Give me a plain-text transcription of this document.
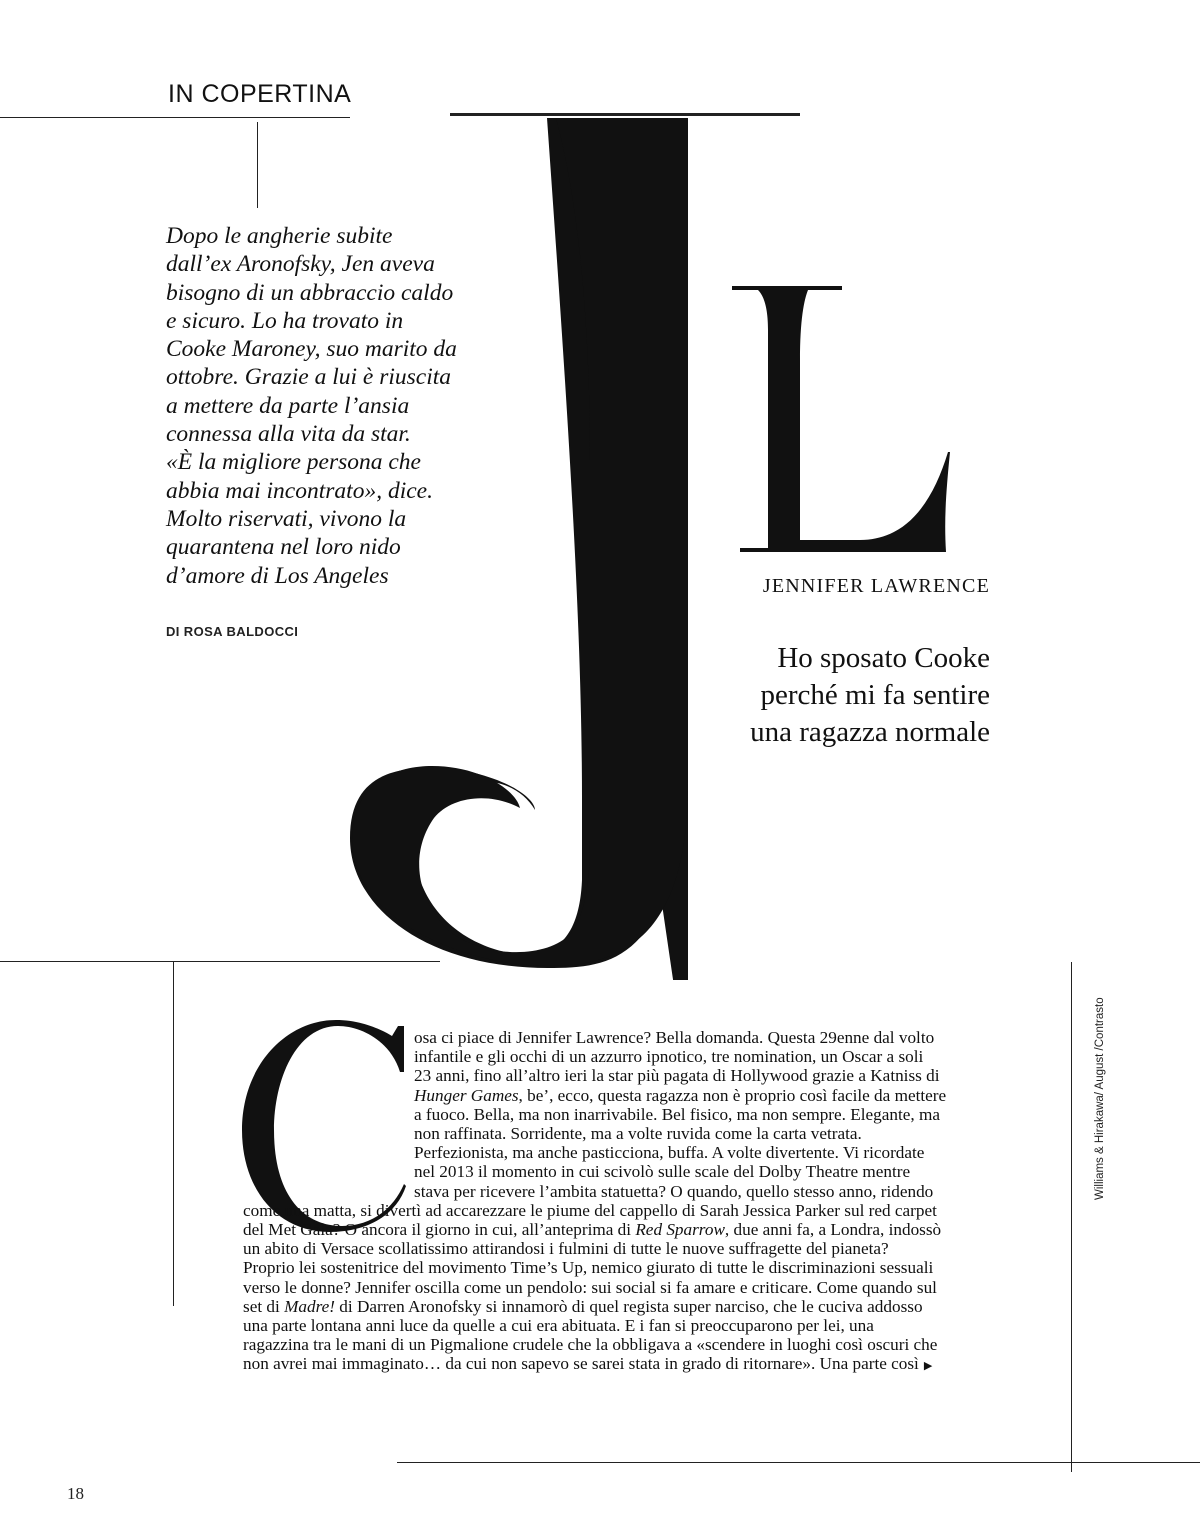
IN COPERTINA
Dopo le angherie subite
dall’ex Aronofsky, Jen aveva
bisogno di un abbraccio caldo
e sicuro. Lo ha trovato in
Cooke Maroney, suo marito da
ottobre. Grazie a lui è riuscita
a mettere da parte l’ansia
connessa alla vita da star.
«È la migliore persona che
abbia mai incontrato», dice.
Molto riservati, vivono la
quarantena nel loro nido
d’amore di Los Angeles
DI ROSA BALDOCCI
JENNIFER LAWRENCE
Ho sposato Cooke
perché mi fa sentire
una ragazza normale
osa ci piace di Jennifer Lawrence? Bella domanda. Questa 29enne dal volto
infantile e gli occhi di un azzurro ipnotico, tre nomination, un Oscar a soli
23 anni, fino all’altro ieri la star più pagata di Hollywood grazie a Katniss di
Hunger Games, be’, ecco, questa ragazza non è proprio così facile da mettere
a fuoco. Bella, ma non inarrivabile. Bel fisico, ma non sempre. Elegante, ma
non raffinata. Sorridente, ma a volte ruvida come la carta vetrata.
Perfezionista, ma anche pasticciona, buffa. A volte divertente. Vi ricordate
nel 2013 il momento in cui scivolò sulle scale del Dolby Theatre mentre
stava per ricevere l’ambita statuetta? O quando, quello stesso anno, ridendo
come una matta, si divertì ad accarezzare le piume del cappello di Sarah Jessica Parker sul red carpet
del Met Gala? O ancora il giorno in cui, all’anteprima di Red Sparrow, due anni fa, a Londra, indossò
un abito di Versace scollatissimo attirandosi i fulmini di tutte le nuove suffragette del pianeta?
Proprio lei sostenitrice del movimento Time’s Up, nemico giurato di tutte le discriminazioni sessuali
verso le donne? Jennifer oscilla come un pendolo: sui social si fa amare e criticare. Come quando sul
set di Madre! di Darren Aronofsky si innamorò di quel regista super narciso, che le cuciva addosso
una parte lontana anni luce da quelle a cui era abituata. E i fan si preoccuparono per lei, una
ragazzina tra le mani di un Pigmalione crudele che la obbligava a «scendere in luoghi così oscuri che
non avrei mai immaginato… da cui non sapevo se sarei stata in grado di ritornare». Una parte così ▶
Williams & Hirakawa/ August /Contrasto
18
